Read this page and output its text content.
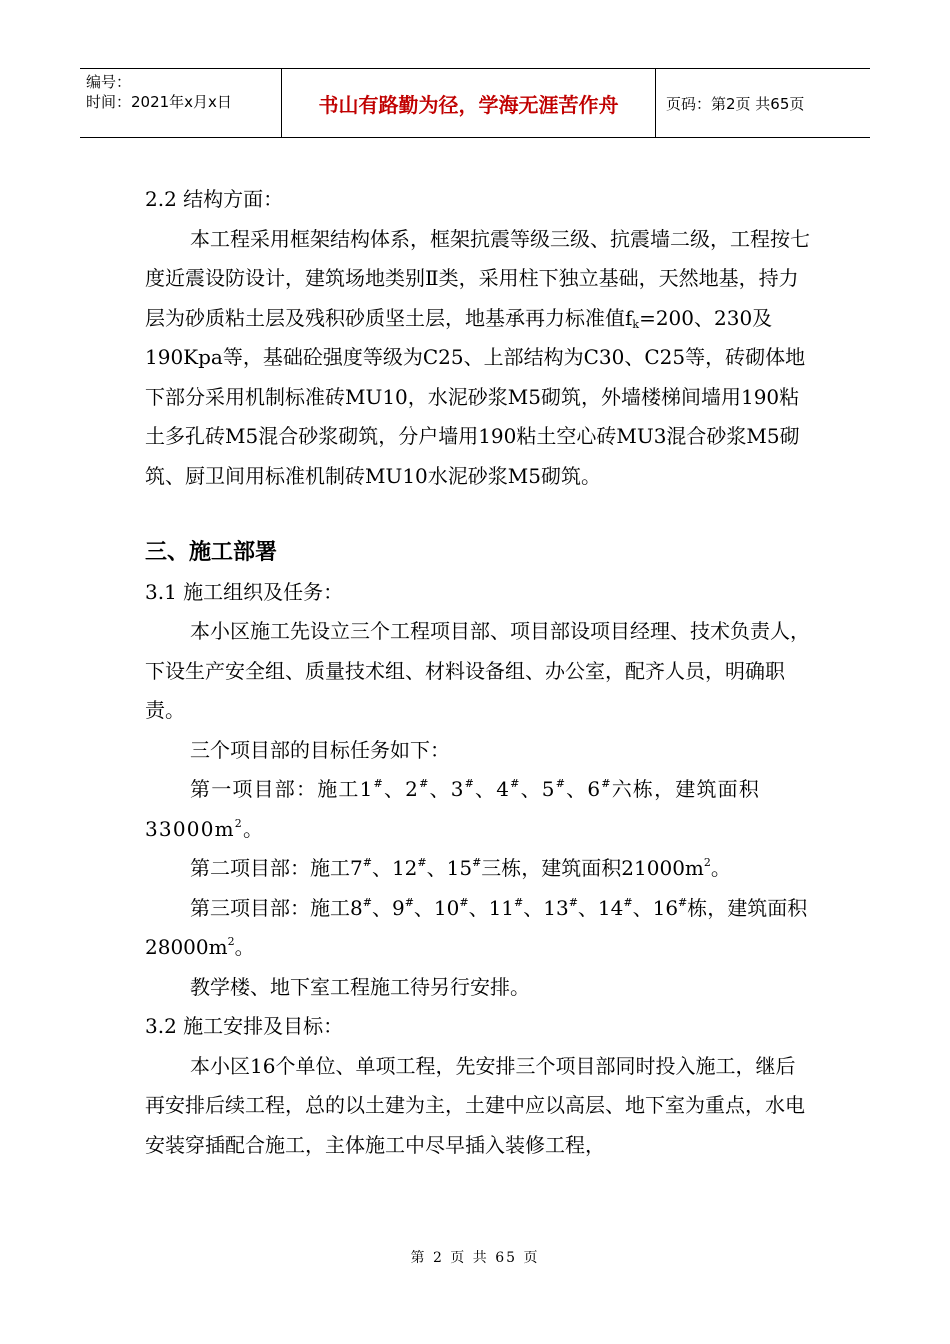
编号：
时间：2021年x月x日	书山有路勤为径，学海无涯苦作舟	页码：第2页 共65页

2.2 结构方面：

本工程采用框架结构体系，框架抗震等级三级、抗震墙二级，工程按七度近震设防设计，建筑场地类别Ⅱ类，采用柱下独立基础，天然地基，持力层为砂质粘土层及残积砂质坚土层，地基承再力标准值$f_k=200$、230及190Kpa等，基础砼强度等级为C25、上部结构为C30、C25等，砖砌体地下部分采用机制标准砖MU10，水泥砂浆M5砌筑，外墙楼梯间墙用190粘土多孔砖M5混合砂浆砌筑，分户墙用190粘土空心砖MU3混合砂浆M5砌筑、厨卫间用标准机制砖MU10水泥砂浆M5砌筑。

三、施工部署

3.1 施工组织及任务：

本小区施工先设立三个工程项目部、项目部设项目经理、技术负责人，下设生产安全组、质量技术组、材料设备组、办公室，配齐人员，明确职责。

三个项目部的目标任务如下：

第一项目部：施工1#、2#、3#、4#、5#、6#六栋，建筑面积$33000m^2$。

第二项目部：施工7#、12#、15#三栋，建筑面积$21000m^2$。

第三项目部：施工8#、9#、10#、11#、13#、14#、16#栋，建筑面积$28000m^2$。

教学楼、地下室工程施工待另行安排。

3.2 施工安排及目标：

本小区16个单位、单项工程，先安排三个项目部同时投入施工，继后再安排后续工程，总的以土建为主，土建中应以高层、地下室为重点，水电安装穿插配合施工，主体施工中尽早插入装修工程，

第 2 页 共 65 页
